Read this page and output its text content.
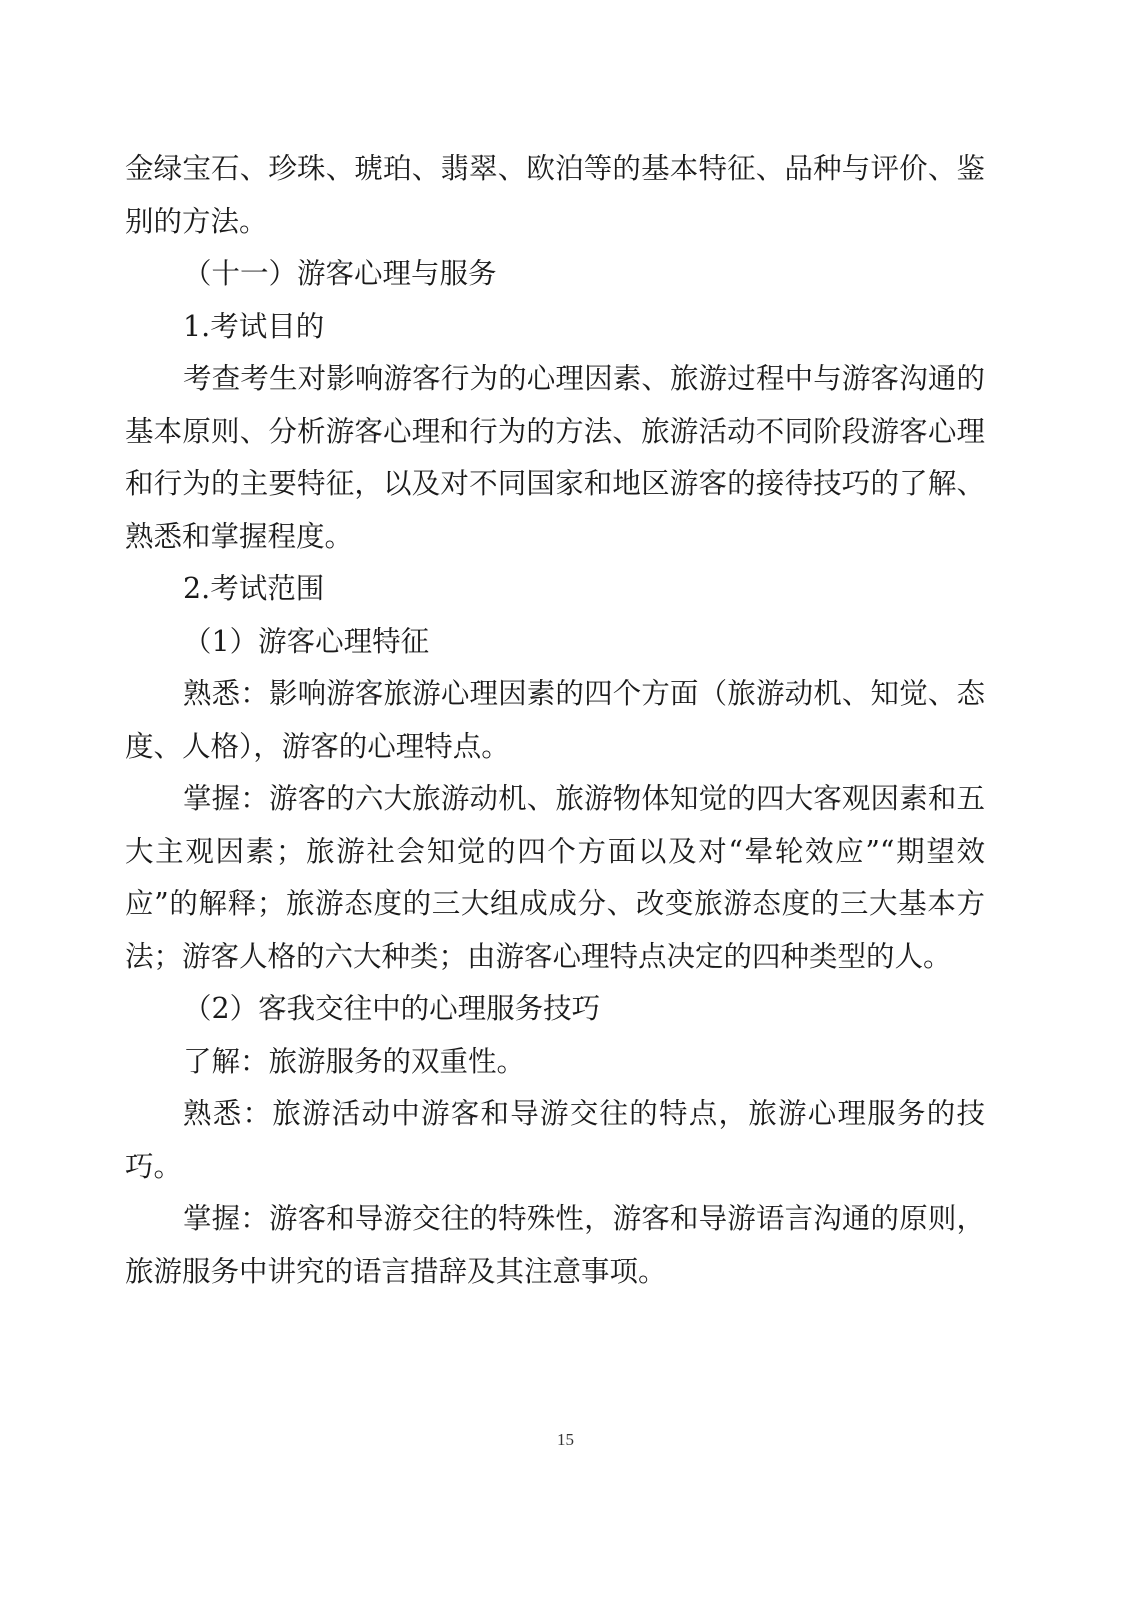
金绿宝石、珍珠、琥珀、翡翠、欧泊等的基本特征、品种与评价、鉴别的方法。

（十一）游客心理与服务

1.考试目的

考查考生对影响游客行为的心理因素、旅游过程中与游客沟通的基本原则、分析游客心理和行为的方法、旅游活动不同阶段游客心理和行为的主要特征，以及对不同国家和地区游客的接待技巧的了解、熟悉和掌握程度。

2.考试范围

（1）游客心理特征

熟悉：影响游客旅游心理因素的四个方面（旅游动机、知觉、态度、人格），游客的心理特点。

掌握：游客的六大旅游动机、旅游物体知觉的四大客观因素和五大主观因素；旅游社会知觉的四个方面以及对“晕轮效应”“期望效应”的解释；旅游态度的三大组成成分、改变旅游态度的三大基本方法；游客人格的六大种类；由游客心理特点决定的四种类型的人。

（2）客我交往中的心理服务技巧

了解：旅游服务的双重性。

熟悉：旅游活动中游客和导游交往的特点，旅游心理服务的技巧。

掌握：游客和导游交往的特殊性，游客和导游语言沟通的原则，旅游服务中讲究的语言措辞及其注意事项。

15
